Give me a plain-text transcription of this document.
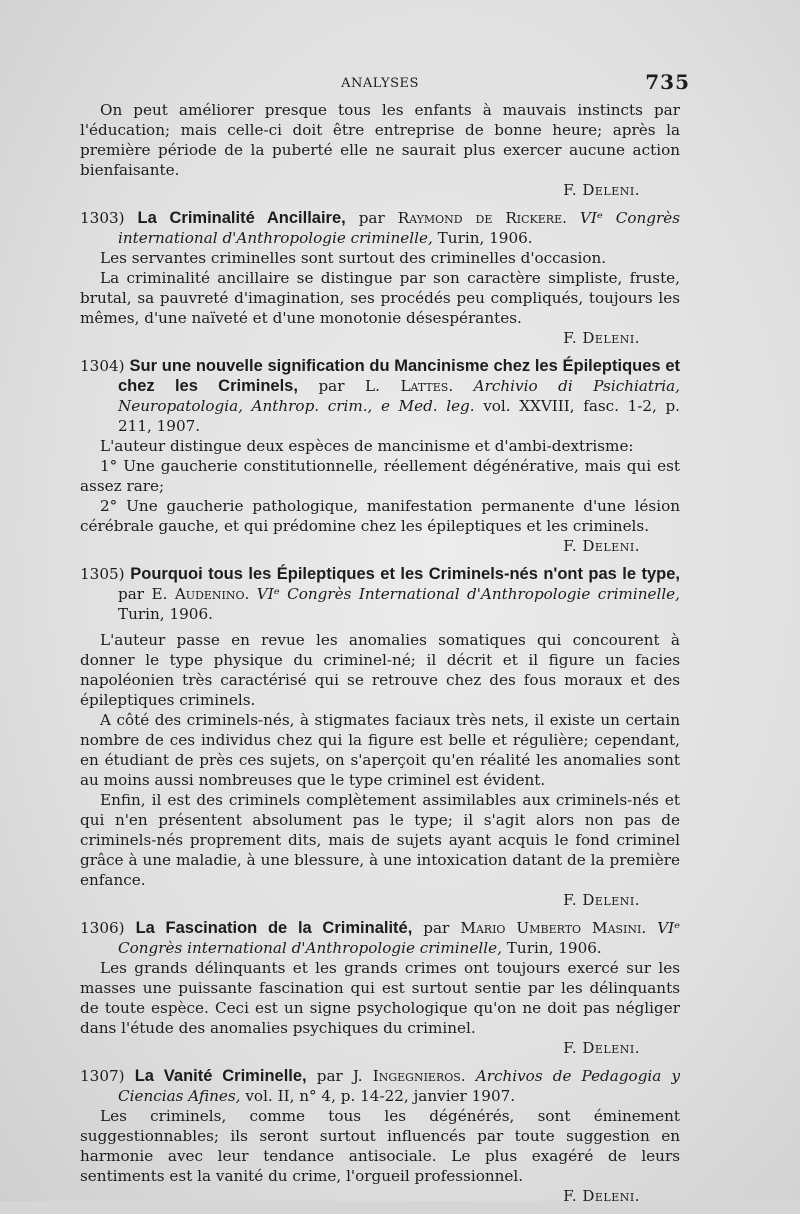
ANALYSES	735

On peut améliorer presque tous les enfants à mauvais instincts par l'éducation; mais celle-ci doit être entreprise de bonne heure; après la première période de la puberté elle ne saurait plus exercer aucune action bienfaisante.

F. Deleni.
1303) La Criminalité Ancillaire, par Raymond de Rickere. VIᵉ Congrès international d'Anthropologie criminelle, Turin, 1906.

Les servantes criminelles sont surtout des criminelles d'occasion.

La criminalité ancillaire se distingue par son caractère simpliste, fruste, brutal, sa pauvreté d'imagination, ses procédés peu compliqués, toujours les mêmes, d'une naïveté et d'une monotonie désespérantes.

F. Deleni.
1304) Sur une nouvelle signification du Mancinisme chez les Épileptiques et chez les Criminels, par L. Lattes. Archivio di Psichiatria, Neuropatologia, Anthrop. crim., e Med. leg. vol. XXVIII, fasc. 1-2, p. 211, 1907.

L'auteur distingue deux espèces de mancinisme et d'ambi-dextrisme:

1° Une gaucherie constitutionnelle, réellement dégénérative, mais qui est assez rare;

2° Une gaucherie pathologique, manifestation permanente d'une lésion cérébrale gauche, et qui prédomine chez les épileptiques et les criminels.

F. Deleni.
1305) Pourquoi tous les Épileptiques et les Criminels-nés n'ont pas le type, par E. Audenino. VIᵉ Congrès International d'Anthropologie criminelle, Turin, 1906.

L'auteur passe en revue les anomalies somatiques qui concourent à donner le type physique du criminel-né; il décrit et il figure un facies napoléonien très caractérisé qui se retrouve chez des fous moraux et des épileptiques criminels.

A côté des criminels-nés, à stigmates faciaux très nets, il existe un certain nombre de ces individus chez qui la figure est belle et régulière; cependant, en étudiant de près ces sujets, on s'aperçoit qu'en réalité les anomalies sont au moins aussi nombreuses que le type criminel est évident.

Enfin, il est des criminels complètement assimilables aux criminels-nés et qui n'en présentent absolument pas le type; il s'agit alors non pas de criminels-nés proprement dits, mais de sujets ayant acquis le fond criminel grâce à une maladie, à une blessure, à une intoxication datant de la première enfance.

F. Deleni.
1306) La Fascination de la Criminalité, par Mario Umberto Masini. VIᵉ Congrès international d'Anthropologie criminelle, Turin, 1906.

Les grands délinquants et les grands crimes ont toujours exercé sur les masses une puissante fascination qui est surtout sentie par les délinquants de toute espèce. Ceci est un signe psychologique qu'on ne doit pas négliger dans l'étude des anomalies psychiques du criminel.

F. Deleni.
1307) La Vanité Criminelle, par J. Ingegnieros. Archivos de Pedagogia y Ciencias Afines, vol. II, n° 4, p. 14-22, janvier 1907.

Les criminels, comme tous les dégénérés, sont éminement suggestionnables; ils seront surtout influencés par toute suggestion en harmonie avec leur tendance antisociale. Le plus exagéré de leurs sentiments est la vanité du crime, l'orgueil professionnel.

F. Deleni.
